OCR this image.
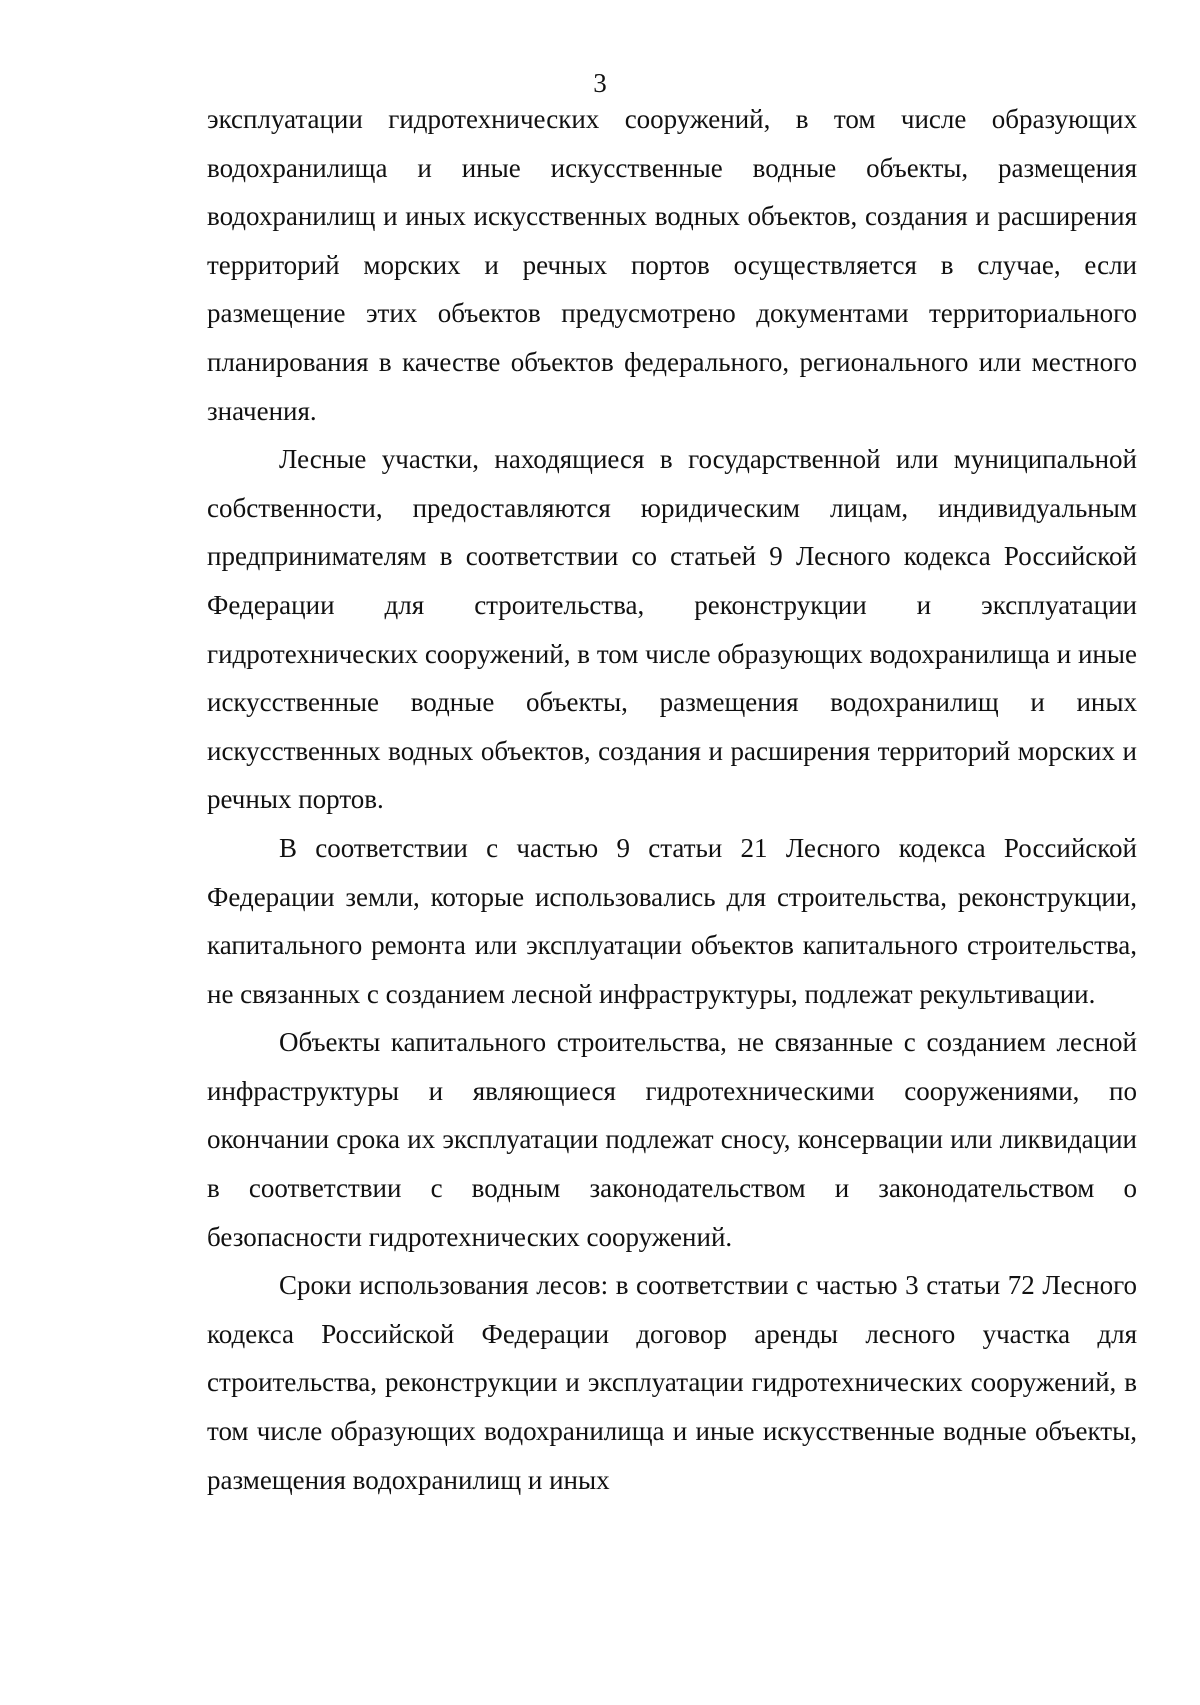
3

эксплуатации гидротехнических сооружений, в том числе образующих водохранилища и иные искусственные водные объекты, размещения водохранилищ и иных искусственных водных объектов, создания и расширения территорий морских и речных портов осуществляется в случае, если размещение этих объектов предусмотрено документами территориального планирования в качестве объектов федерального, регионального или местного значения.

Лесные участки, находящиеся в государственной или муниципальной собственности, предоставляются юридическим лицам, индивидуальным предпринимателям в соответствии со статьей 9 Лесного кодекса Российской Федерации для строительства, реконструкции и эксплуатации гидротехнических сооружений, в том числе образующих водохранилища и иные искусственные водные объекты, размещения водохранилищ и иных искусственных водных объектов, создания и расширения территорий морских и речных портов.

В соответствии с частью 9 статьи 21 Лесного кодекса Российской Федерации земли, которые использовались для строительства, реконструкции, капитального ремонта или эксплуатации объектов капитального строительства, не связанных с созданием лесной инфраструктуры, подлежат рекультивации.

Объекты капитального строительства, не связанные с созданием лесной инфраструктуры и являющиеся гидротехническими сооружениями, по окончании срока их эксплуатации подлежат сносу, консервации или ликвидации в соответствии с водным законодательством и законодательством о безопасности гидротехнических сооружений.

Сроки использования лесов: в соответствии с частью 3 статьи 72 Лесного кодекса Российской Федерации договор аренды лесного участка для строительства, реконструкции и эксплуатации гидротехнических сооружений, в том числе образующих водохранилища и иные искусственные водные объекты, размещения водохранилищ и иных
